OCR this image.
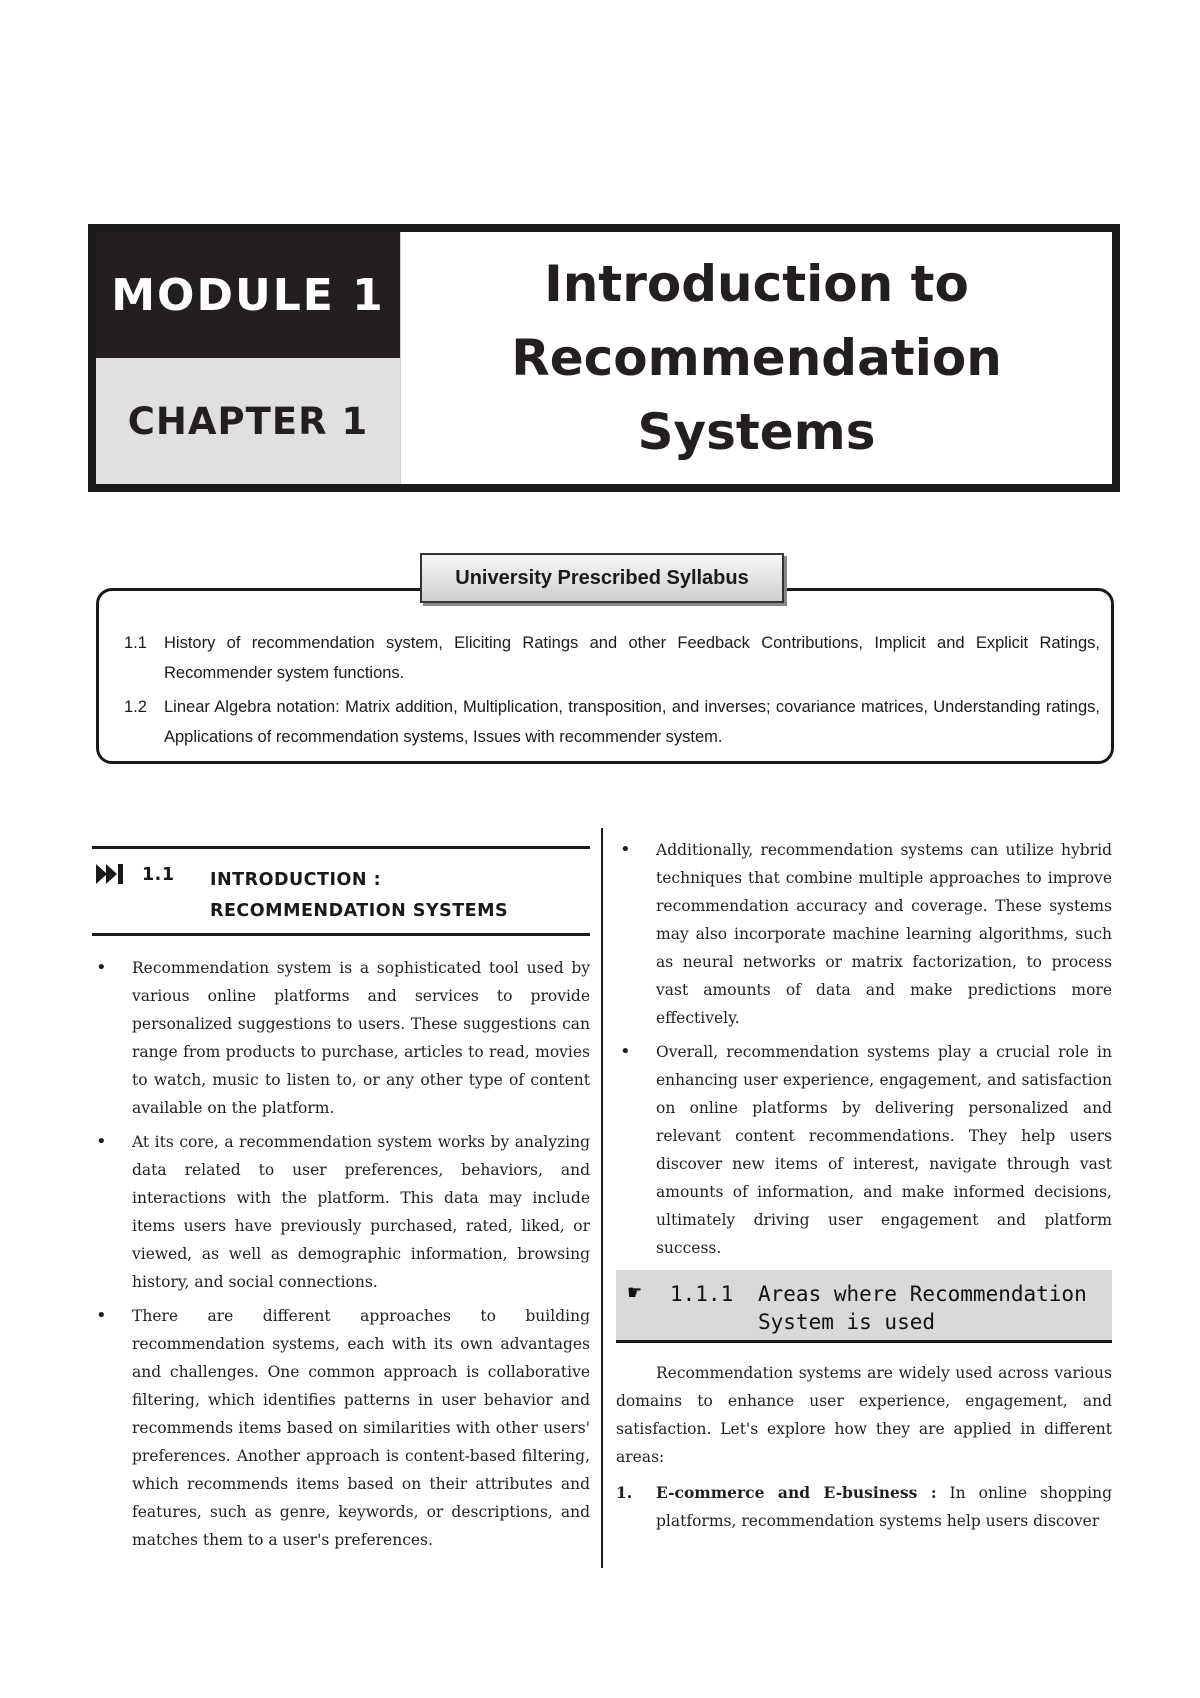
MODULE 1
CHAPTER 1
Introduction to
Recommendation
Systems
University Prescribed Syllabus
1.1 History of recommendation system, Eliciting Ratings and other Feedback Contributions, Implicit and Explicit Ratings, Recommender system functions.
1.2 Linear Algebra notation: Matrix addition, Multiplication, transposition, and inverses; covariance matrices, Understanding ratings, Applications of recommendation systems, Issues with recommender system.
1.1 INTRODUCTION :
RECOMMENDATION SYSTEMS
• Recommendation system is a sophisticated tool used by various online platforms and services to provide personalized suggestions to users. These suggestions can range from products to purchase, articles to read, movies to watch, music to listen to, or any other type of content available on the platform.
• At its core, a recommendation system works by analyzing data related to user preferences, behaviors, and interactions with the platform. This data may include items users have previously purchased, rated, liked, or viewed, as well as demographic information, browsing history, and social connections.
• There are different approaches to building recommendation systems, each with its own advantages and challenges. One common approach is collaborative filtering, which identifies patterns in user behavior and recommends items based on similarities with other users' preferences. Another approach is content-based filtering, which recommends items based on their attributes and features, such as genre, keywords, or descriptions, and matches them to a user's preferences.
• Additionally, recommendation systems can utilize hybrid techniques that combine multiple approaches to improve recommendation accuracy and coverage. These systems may also incorporate machine learning algorithms, such as neural networks or matrix factorization, to process vast amounts of data and make predictions more effectively.
• Overall, recommendation systems play a crucial role in enhancing user experience, engagement, and satisfaction on online platforms by delivering personalized and relevant content recommendations. They help users discover new items of interest, navigate through vast amounts of information, and make informed decisions, ultimately driving user engagement and platform success.
☛ 1.1.1 Areas where Recommendation System is used

Recommendation systems are widely used across various domains to enhance user experience, engagement, and satisfaction. Let's explore how they are applied in different areas:

1. E-commerce and E-business : In online shopping platforms, recommendation systems help users discover
